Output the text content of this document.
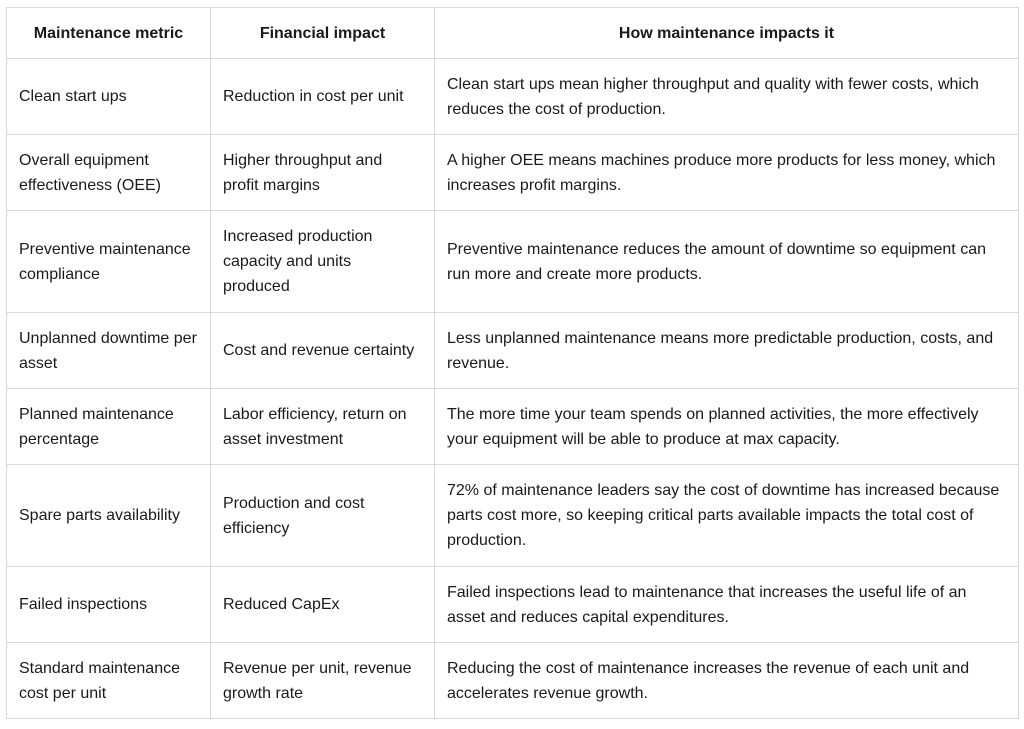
Maintenance metric	Financial impact	How maintenance impacts it
Clean start ups	Reduction in cost per unit	Clean start ups mean higher throughput and quality with fewer costs, which reduces the cost of production.
Overall equipment effectiveness (OEE)	Higher throughput and profit margins	A higher OEE means machines produce more products for less money, which increases profit margins.
Preventive maintenance compliance	Increased production capacity and units produced	Preventive maintenance reduces the amount of downtime so equipment can run more and create more products.
Unplanned downtime per asset	Cost and revenue certainty	Less unplanned maintenance means more predictable production, costs, and revenue.
Planned maintenance percentage	Labor efficiency, return on asset investment	The more time your team spends on planned activities, the more effectively your equipment will be able to produce at max capacity.
Spare parts availability	Production and cost efficiency	72% of maintenance leaders say the cost of downtime has increased because parts cost more, so keeping critical parts available impacts the total cost of production.
Failed inspections	Reduced CapEx	Failed inspections lead to maintenance that increases the useful life of an asset and reduces capital expenditures.
Standard maintenance cost per unit	Revenue per unit, revenue growth rate	Reducing the cost of maintenance increases the revenue of each unit and accelerates revenue growth.
